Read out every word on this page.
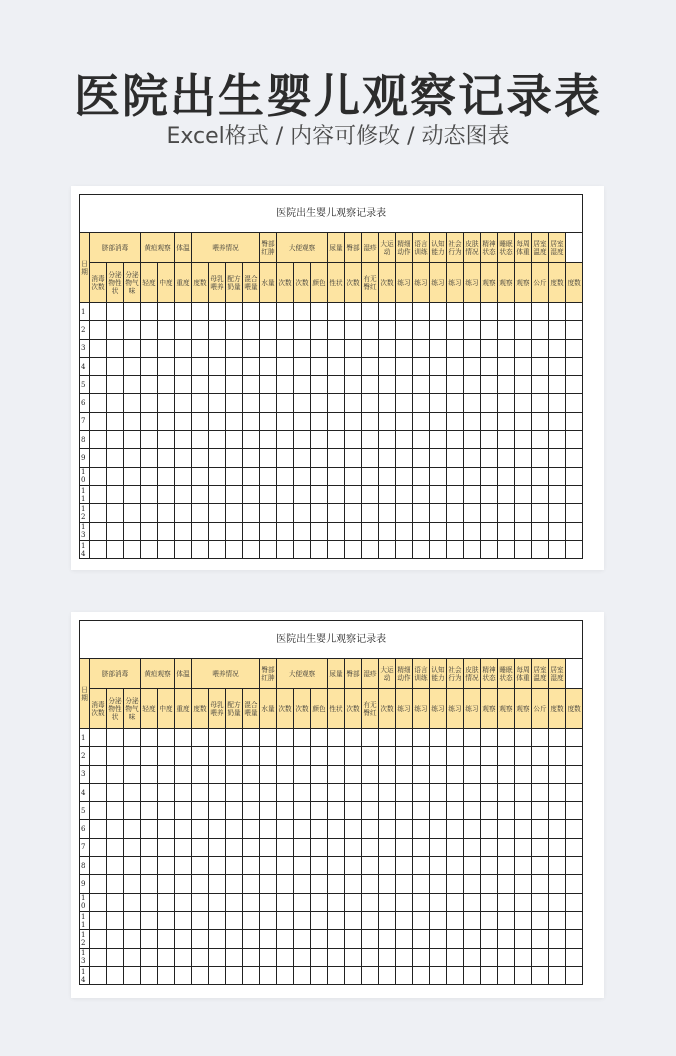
医院出生婴儿观察记录表
Excel格式 / 内容可修改 / 动态图表
医院出生婴儿观察记录表																													
日期	脐部消毒			黄疸观察		体温	喂养情况				臀部红肿	大便观察			尿量	臀部	湿疹	大运动	精细动作	语言训练	认知能力	社会行为	皮肤情况	精神状态	睡眠状态	每周体重	居室温度	居室湿度	
	消毒次数	分泌物性状	分泌物气味	轻度	中度	重度	度数	母乳喂养	配方奶量	混合喂量	水量	次数	次数	颜色	性状	次数	有无臀红	次数	练习	练习	练习	练习	练习	观察	观察	观察	公斤	度数	度数
1																													
2																													
3																													
4																													
5																													
6																													
7																													
8																													
9																													
10																													
11																													
12																													
13																													
14																													
医院出生婴儿观察记录表																													
日期	脐部消毒			黄疸观察		体温	喂养情况				臀部红肿	大便观察			尿量	臀部	湿疹	大运动	精细动作	语言训练	认知能力	社会行为	皮肤情况	精神状态	睡眠状态	每周体重	居室温度	居室湿度	
	消毒次数	分泌物性状	分泌物气味	轻度	中度	重度	度数	母乳喂养	配方奶量	混合喂量	水量	次数	次数	颜色	性状	次数	有无臀红	次数	练习	练习	练习	练习	练习	观察	观察	观察	公斤	度数	度数
1																													
2																													
3																													
4																													
5																													
6																													
7																													
8																													
9																													
10																													
11																													
12																													
13																													
14																													
